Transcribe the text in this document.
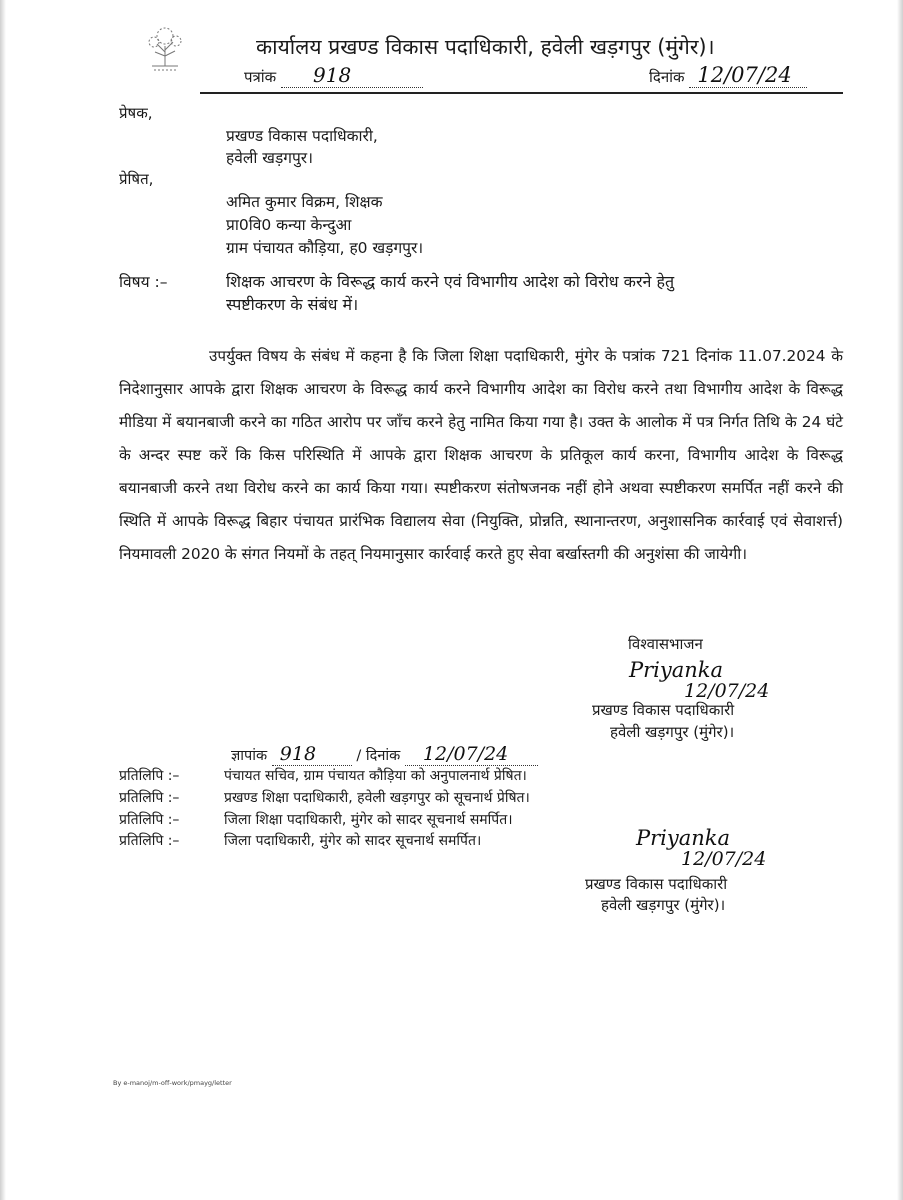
कार्यालय प्रखण्ड विकास पदाधिकारी, हवेली खड़गपुर (मुंगेर)।
पत्रांक 918	दिनांक 12/07/24
प्रेषक,
प्रखण्ड विकास पदाधिकारी,
हवेली खड़गपुर।
प्रेषित,
अमित कुमार विक्रम, शिक्षक
प्रा0वि0 कन्या केन्दुआ
ग्राम पंचायत कौड़िया, ह0 खड़गपुर।
विषय :–	शिक्षक आचरण के विरूद्ध कार्य करने एवं विभागीय आदेश को विरोध करने हेतु
स्पष्टीकरण के संबंध में।
उपर्युक्त विषय के संबंध में कहना है कि जिला शिक्षा पदाधिकारी, मुंगेर के पत्रांक 721 दिनांक 11.07.2024 के निदेशानुसार आपके द्वारा शिक्षक आचरण के विरूद्ध कार्य करने विभागीय आदेश का विरोध करने तथा विभागीय आदेश के विरूद्ध मीडिया में बयानबाजी करने का गठित आरोप पर जाँच करने हेतु नामित किया गया है। उक्त के आलोक में पत्र निर्गत तिथि के 24 घंटे के अन्दर स्पष्ट करें कि किस परिस्थिति में आपके द्वारा शिक्षक आचरण के प्रतिकूल कार्य करना, विभागीय आदेश के विरूद्ध बयानबाजी करने तथा विरोध करने का कार्य किया गया। स्पष्टीकरण संतोषजनक नहीं होने अथवा स्पष्टीकरण समर्पित नहीं करने की स्थिति में आपके विरूद्ध बिहार पंचायत प्रारंभिक विद्यालय सेवा (नियुक्ति, प्रोन्नति, स्थानान्तरण, अनुशासनिक कार्रवाई एवं सेवाशर्त्त) नियमावली 2020 के संगत नियमों के तहत् नियमानुसार कार्रवाई करते हुए सेवा बर्खास्तगी की अनुशंसा की जायेगी।
विश्वासभाजन
Priyanka
12/07/24
प्रखण्ड विकास पदाधिकारी
हवेली खड़गपुर (मुंगेर)।
ज्ञापांक 918	/ दिनांक 12/07/24
प्रतिलिपि :–	पंचायत सचिव, ग्राम पंचायत कौड़िया को अनुपालनार्थ प्रेषित।
प्रतिलिपि :–	प्रखण्ड शिक्षा पदाधिकारी, हवेली खड़गपुर को सूचनार्थ प्रेषित।
प्रतिलिपि :–	जिला शिक्षा पदाधिकारी, मुंगेर को सादर सूचनार्थ समर्पित।
प्रतिलिपि :–	जिला पदाधिकारी, मुंगेर को सादर सूचनार्थ समर्पित।	Priyanka
12/07/24
प्रखण्ड विकास पदाधिकारी
हवेली खड़गपुर (मुंगेर)।
By e-manoj/m-off-work/pmayg/letter
